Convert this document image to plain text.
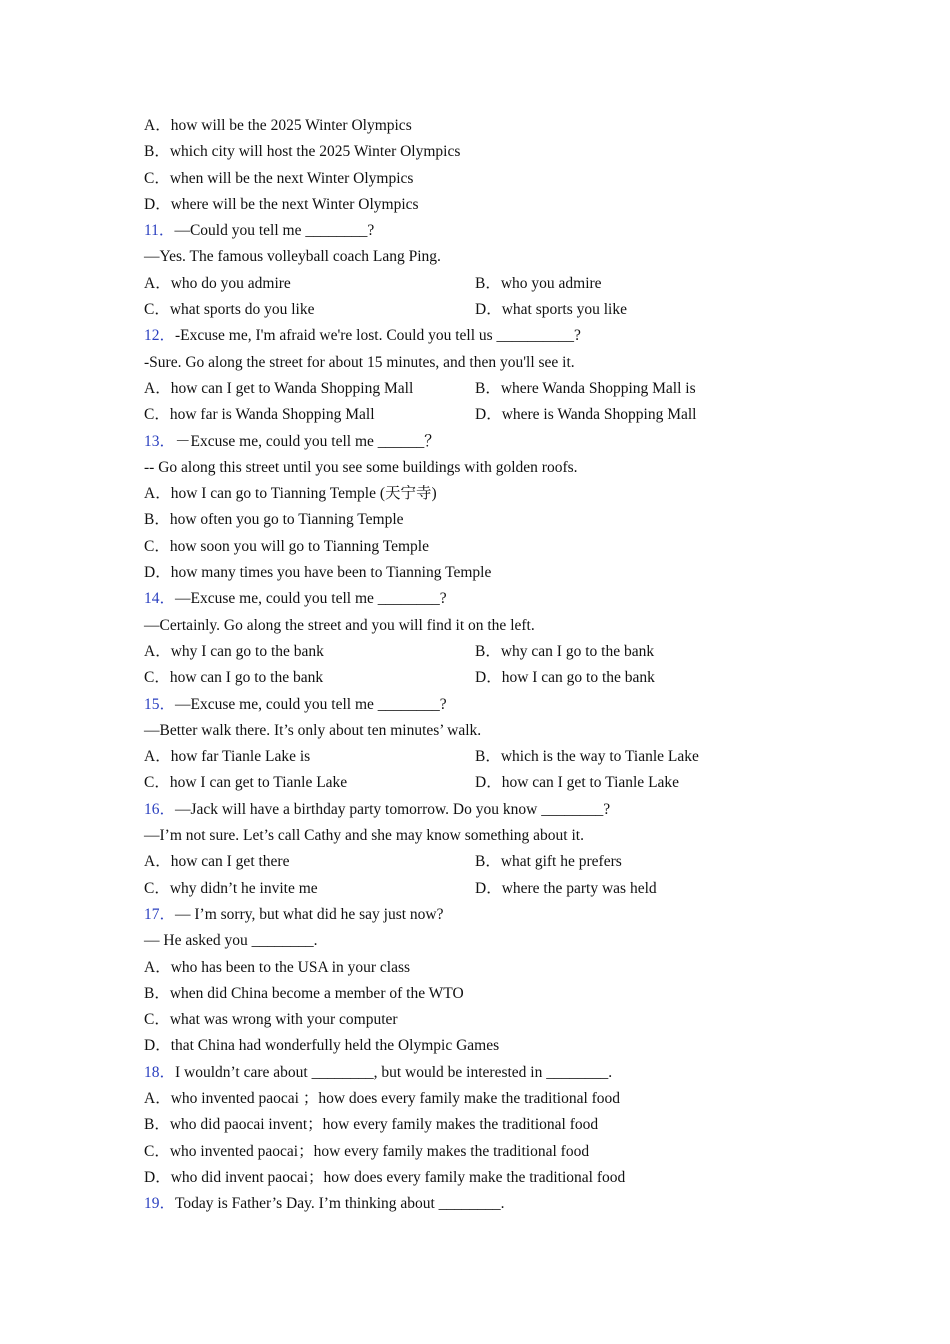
A．how will be the 2025 Winter Olympics
B．which city will host the 2025 Winter Olympics
C．when will be the next Winter Olympics
D．where will be the next Winter Olympics
11．—Could you tell me ________?
—Yes. The famous volleyball coach Lang Ping.
A．who do you admire	B．who you admire
C．what sports do you like	D．what sports you like
12．-Excuse me, I'm afraid we're lost. Could you tell us __________?
-Sure. Go along the street for about 15 minutes, and then you'll see it.
A．how can I get to Wanda Shopping Mall	B．where Wanda Shopping Mall is
C．how far is Wanda Shopping Mall	D．where is Wanda Shopping Mall
13．－Excuse me, could you tell me ______？
-- Go along this street until you see some buildings with golden roofs.
A．how I can go to Tianning Temple (天宁寺)
B．how often you go to Tianning Temple
C．how soon you will go to Tianning Temple
D．how many times you have been to Tianning Temple
14．—Excuse me, could you tell me ________?
—Certainly. Go along the street and you will find it on the left.
A．why I can go to the bank	B．why can I go to the bank
C．how can I go to the bank	D．how I can go to the bank
15．—Excuse me, could you tell me ________?
—Better walk there. It’s only about ten minutes’ walk.
A．how far Tianle Lake is	B．which is the way to Tianle Lake
C．how I can get to Tianle Lake	D．how can I get to Tianle Lake
16．—Jack will have a birthday party tomorrow. Do you know ________?
—I’m not sure. Let’s call Cathy and she may know something about it.
A．how can I get there	B．what gift he prefers
C．why didn’t he invite me	D．where the party was held
17．— I’m sorry, but what did he say just now?
— He asked you ________.
A．who has been to the USA in your class
B．when did China become a member of the WTO
C．what was wrong with your computer
D．that China had wonderfully held the Olympic Games
18．I wouldn’t care about ________, but would be interested in ________.
A．who invented paocai ；how does every family make the traditional food
B．who did paocai invent；how every family makes the traditional food
C．who invented paocai；how every family makes the traditional food
D．who did invent paocai；how does every family make the traditional food
19．Today is Father’s Day. I’m thinking about ________.
